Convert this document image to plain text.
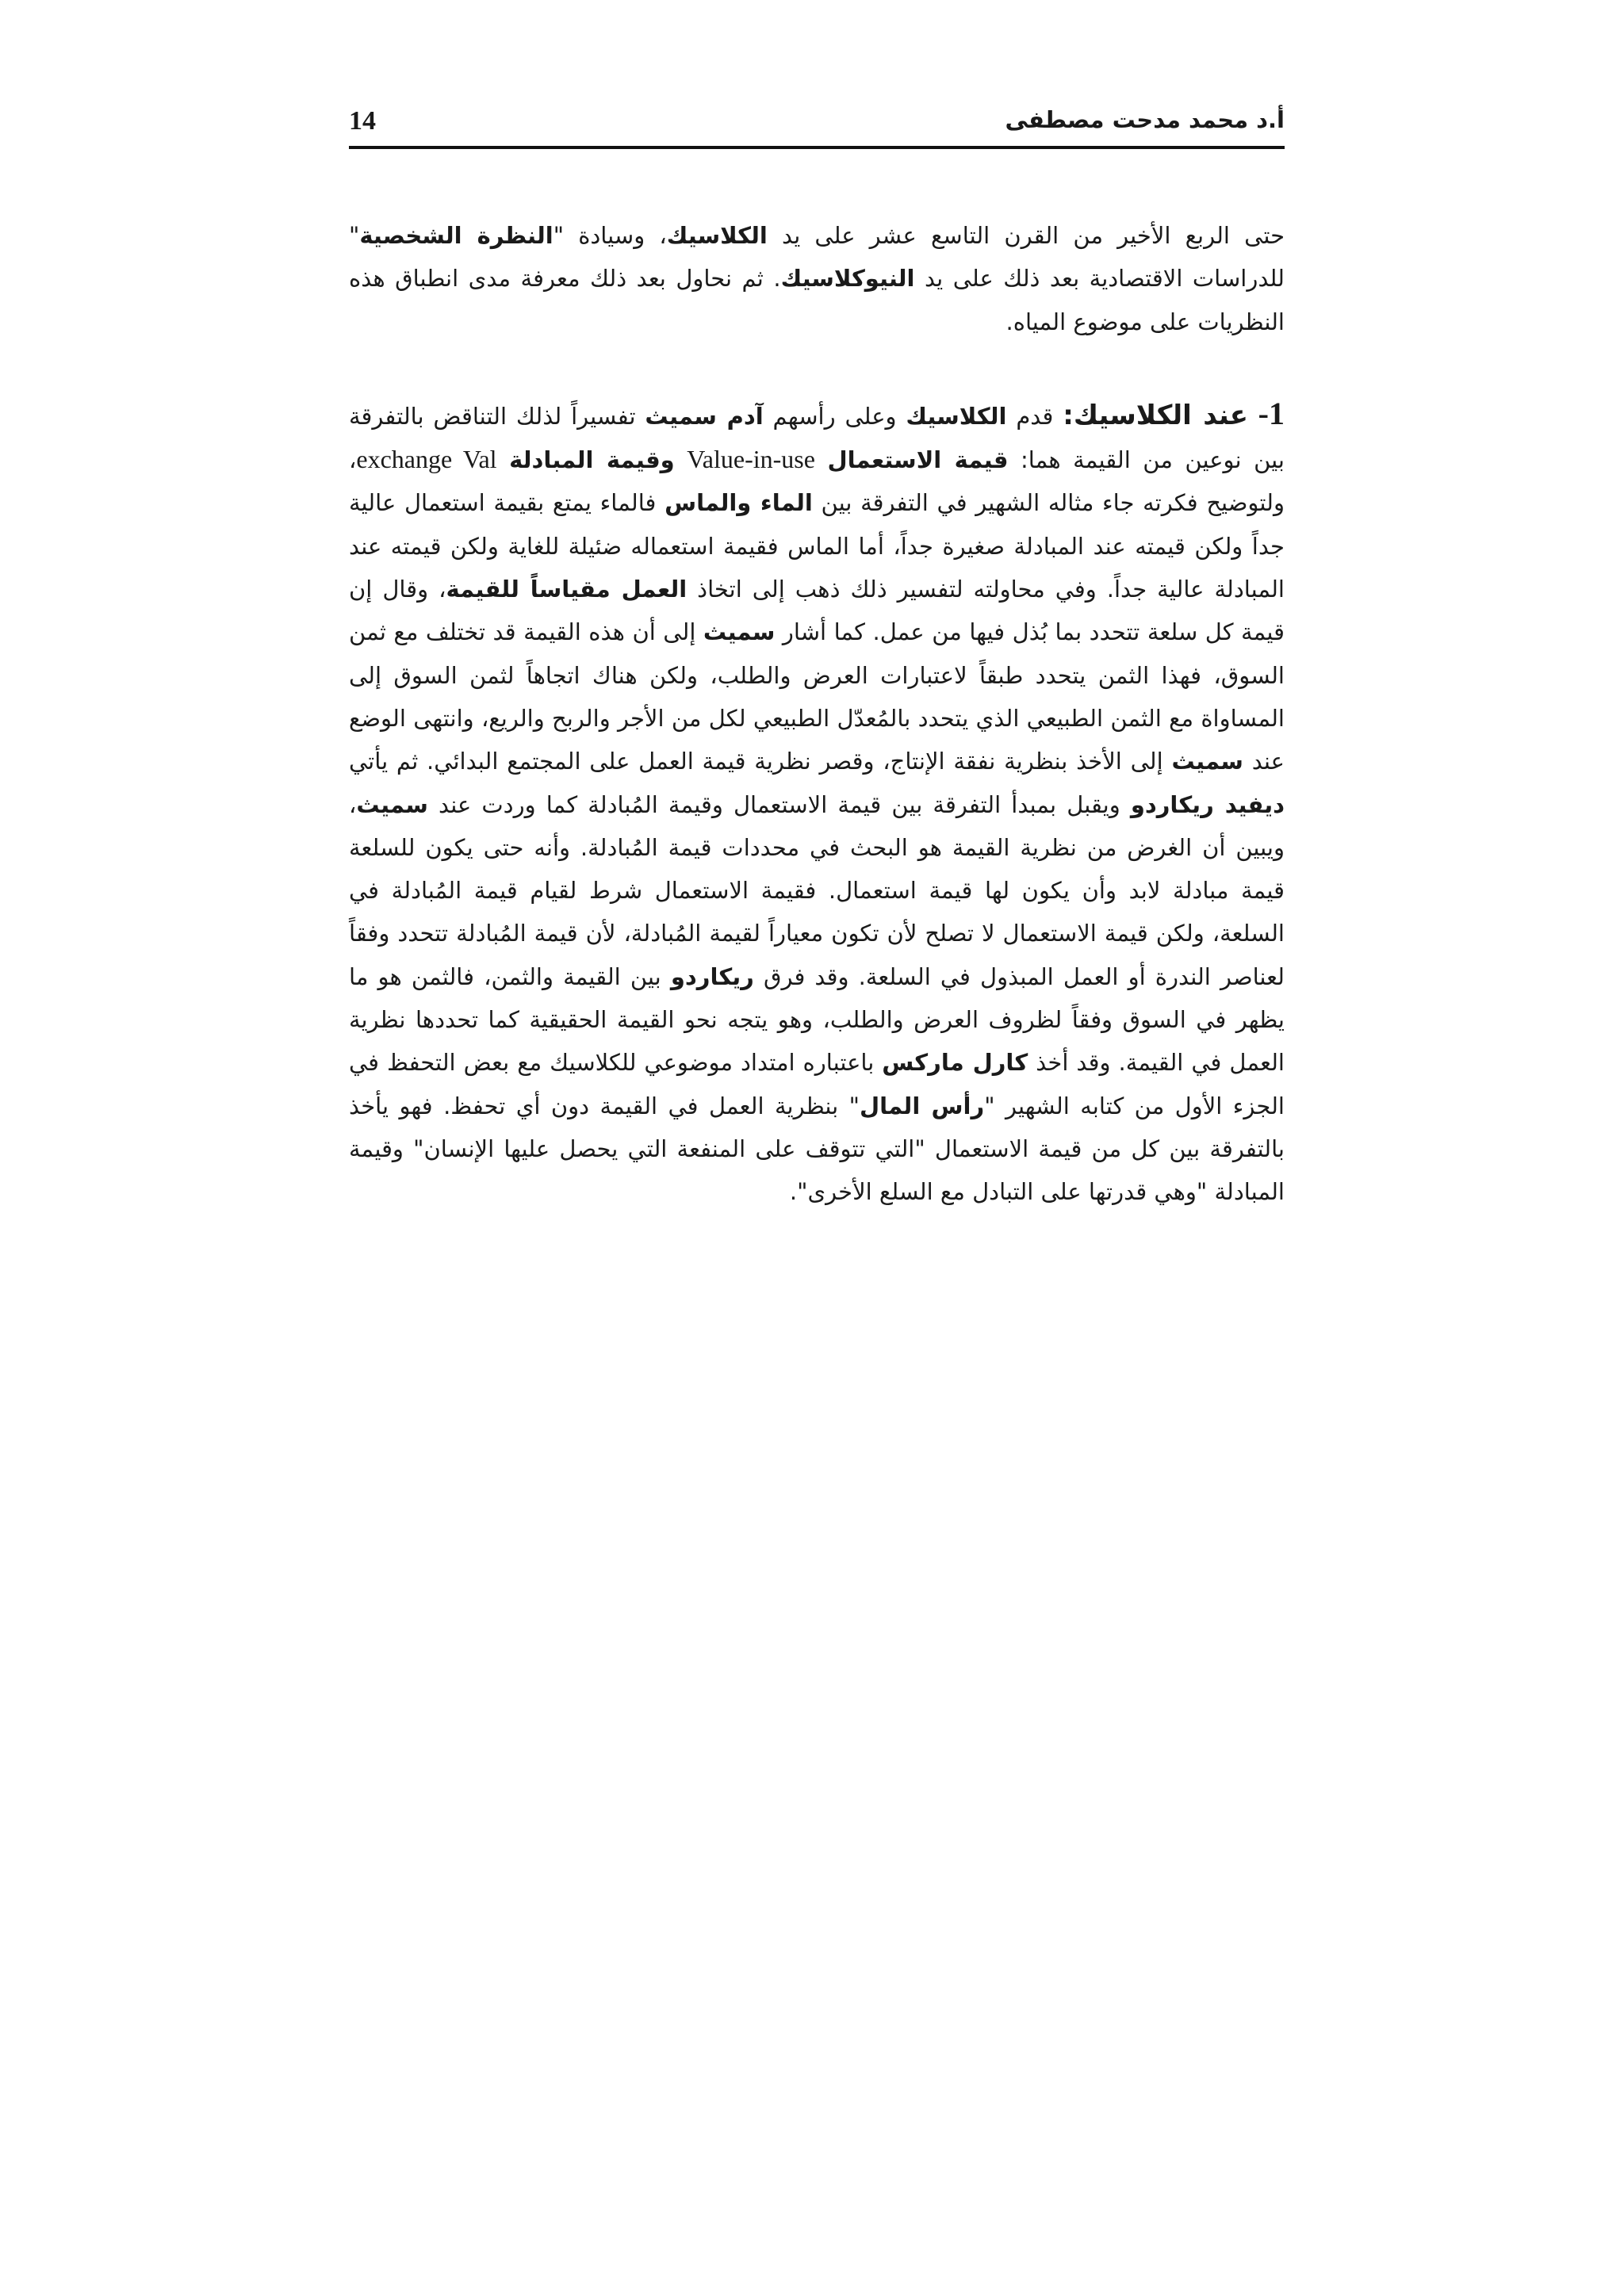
14	أ.د محمد مدحت مصطفى

حتى الربع الأخير من القرن التاسع عشر على يد الكلاسيك، وسيادة "النظرة الشخصية" للدراسات الاقتصادية بعد ذلك على يد النيوكلاسيك. ثم نحاول بعد ذلك معرفة مدى انطباق هذه النظريات على موضوع المياه.

1- عند الكلاسيك: قدم الكلاسيك وعلى رأسهم آدم سميث تفسيراً لذلك التناقض بالتفرقة بين نوعين من القيمة هما: قيمة الاستعمال Value-in-use وقيمة المبادلة exchange Val، ولتوضيح فكرته جاء مثاله الشهير في التفرقة بين الماء والماس فالماء يمتع بقيمة استعمال عالية جداً ولكن قيمته عند المبادلة صغيرة جداً، أما الماس فقيمة استعماله ضئيلة للغاية ولكن قيمته عند المبادلة عالية جداً. وفي محاولته لتفسير ذلك ذهب إلى اتخاذ العمل مقياساً للقيمة، وقال إن قيمة كل سلعة تتحدد بما بُذل فيها من عمل. كما أشار سميث إلى أن هذه القيمة قد تختلف مع ثمن السوق، فهذا الثمن يتحدد طبقاً لاعتبارات العرض والطلب، ولكن هناك اتجاهاً لثمن السوق إلى المساواة مع الثمن الطبيعي الذي يتحدد بالمُعدّل الطبيعي لكل من الأجر والربح والريع، وانتهى الوضع عند سميث إلى الأخذ بنظرية نفقة الإنتاج، وقصر نظرية قيمة العمل على المجتمع البدائي. ثم يأتي ديفيد ريكاردو ويقبل بمبدأ التفرقة بين قيمة الاستعمال وقيمة المُبادلة كما وردت عند سميث، ويبين أن الغرض من نظرية القيمة هو البحث في محددات قيمة المُبادلة. وأنه حتى يكون للسلعة قيمة مبادلة لابد وأن يكون لها قيمة استعمال. فقيمة الاستعمال شرط لقيام قيمة المُبادلة في السلعة، ولكن قيمة الاستعمال لا تصلح لأن تكون معياراً لقيمة المُبادلة، لأن قيمة المُبادلة تتحدد وفقاً لعناصر الندرة أو العمل المبذول في السلعة. وقد فرق ريكاردو بين القيمة والثمن، فالثمن هو ما يظهر في السوق وفقاً لظروف العرض والطلب، وهو يتجه نحو القيمة الحقيقية كما تحددها نظرية العمل في القيمة. وقد أخذ كارل ماركس باعتباره امتداد موضوعي للكلاسيك مع بعض التحفظ في الجزء الأول من كتابه الشهير "رأس المال" بنظرية العمل في القيمة دون أي تحفظ. فهو يأخذ بالتفرقة بين كل من قيمة الاستعمال "التي تتوقف على المنفعة التي يحصل عليها الإنسان" وقيمة المبادلة "وهي قدرتها على التبادل مع السلع الأخرى".
